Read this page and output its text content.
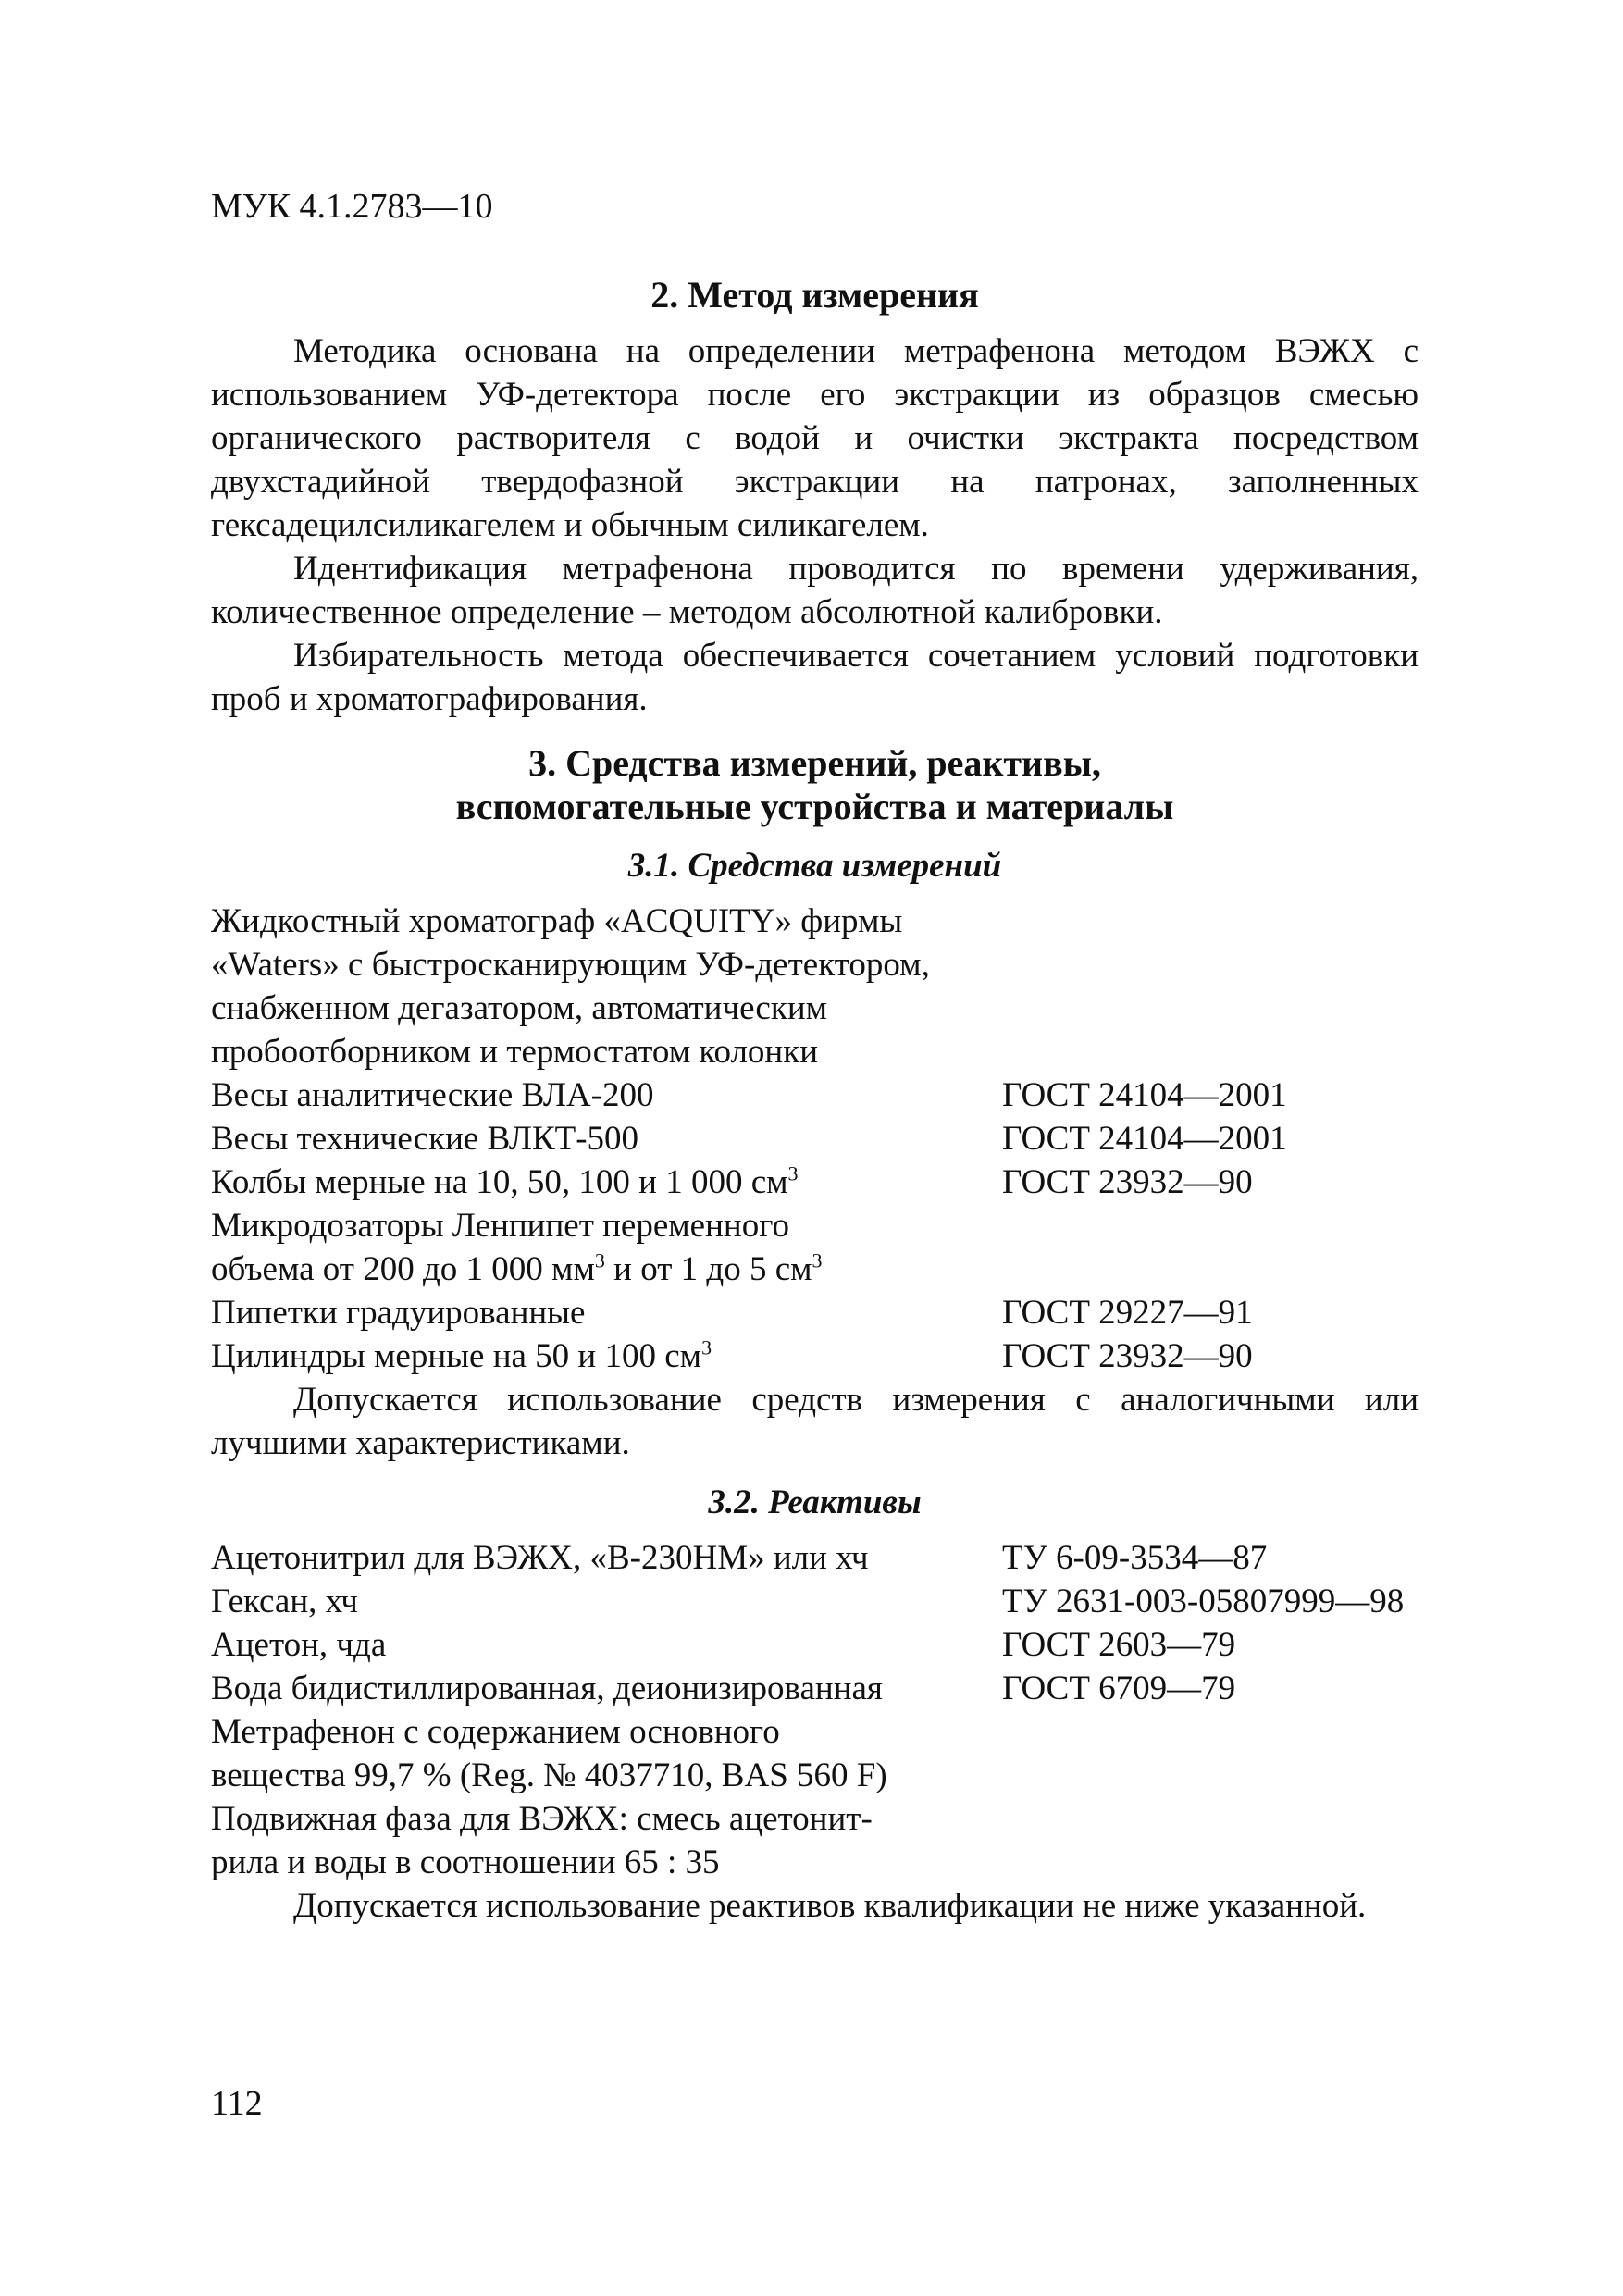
МУК 4.1.2783—10

2. Метод измерения

Методика основана на определении метрафенона методом ВЭЖХ с использованием УФ-детектора после его экстракции из образцов смесью органического растворителя с водой и очистки экстракта посредством двухстадийной твердофазной экстракции на патронах, заполненных гексадецилсиликагелем и обычным силикагелем.

Идентификация метрафенона проводится по времени удерживания, количественное определение – методом абсолютной калибровки.

Избирательность метода обеспечивается сочетанием условий подготовки проб и хроматографирования.

3. Средства измерений, реактивы,

вспомогательные устройства и материалы

3.1. Средства измерений

Жидкостный хроматограф «ACQUITY» фирмы
«Waters» с быстросканирующим УФ-детектором,
снабженном дегазатором, автоматическим
пробоотборником и термостатом колонки	

Весы аналитические ВЛА-200	ГОСТ 24104—2001
Весы технические ВЛКТ-500	ГОСТ 24104—2001
Колбы мерные на 10, 50, 100 и 1 000 $см^3$	ГОСТ 23932—90
Микродозаторы Ленпипет переменного	
объема от 200 до 1 000 $мм^3$ и от 1 до 5 $см^3$	
Пипетки градуированные	ГОСТ 29227—91
Цилиндры мерные на 50 и 100 $см^3$	ГОСТ 23932—90

Допускается использование средств измерения с аналогичными или лучшими характеристиками.

3.2. Реактивы

Ацетонитрил для ВЭЖХ, «В-230НМ» или хч	ТУ 6-09-3534—87
Гексан, хч	ТУ 2631-003-05807999—98
Ацетон, чда	ГОСТ 2603—79
Вода бидистиллированная, деионизированная	ГОСТ 6709—79

Метрафенон с содержанием основного
вещества 99,7 % (Reg. № 4037710, BAS 560 F)	

Подвижная фаза для ВЭЖХ: смесь ацетонит-
рила и воды в соотношении 65 : 35	

Допускается использование реактивов квалификации не ниже указанной.

112
